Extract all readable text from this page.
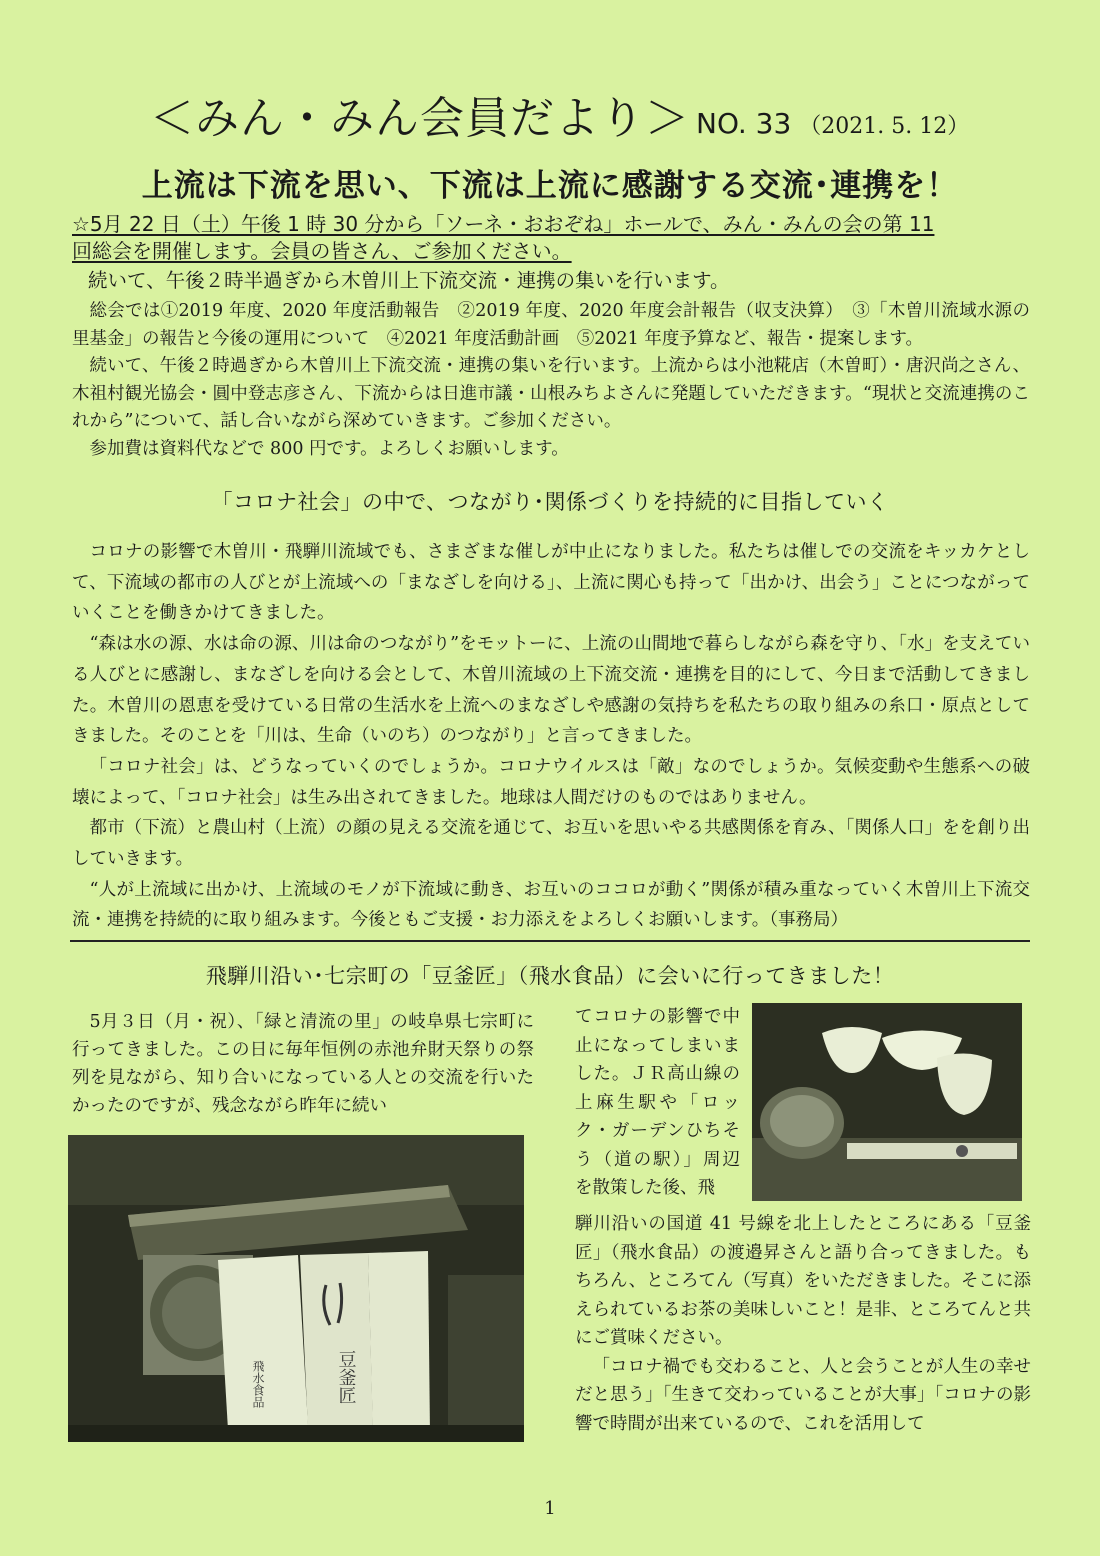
＜みん・みん会員だより＞ NO. 33 （2021. 5. 12）
上流は下流を思い、下流は上流に感謝する交流･連携を！
☆5月 22 日（土）午後 1 時 30 分から「ソーネ・おおぞね」ホールで、みん・みんの会の第 11
回総会を開催します。会員の皆さん、ご参加ください。
続いて、午後２時半過ぎから木曽川上下流交流・連携の集いを行います。

総会では①2019 年度、2020 年度活動報告　②2019 年度、2020 年度会計報告（収支決算）　③「木曽川流域水源の里基金」の報告と今後の運用について　④2021 年度活動計画　⑤2021 年度予算など、報告・提案します。

続いて、午後２時過ぎから木曽川上下流交流・連携の集いを行います。上流からは小池糀店（木曽町）・唐沢尚之さん、木祖村観光協会・圓中登志彦さん、下流からは日進市議・山根みちよさんに発題していただきます。“現状と交流連携のこれから”について、話し合いながら深めていきます。ご参加ください。

参加費は資料代などで 800 円です。よろしくお願いします。

「コロナ社会」の中で、つながり･関係づくりを持続的に目指していく

コロナの影響で木曽川・飛騨川流域でも、さまざまな催しが中止になりました。私たちは催しでの交流をキッカケとして、下流域の都市の人びとが上流域への「まなざしを向ける」、上流に関心も持って「出かけ、出会う」ことにつながっていくことを働きかけてきました。

“森は水の源、水は命の源、川は命のつながり”をモットーに、上流の山間地で暮らしながら森を守り、「水」を支えている人びとに感謝し、まなざしを向ける会として、木曽川流域の上下流交流・連携を目的にして、今日まで活動してきました。木曽川の恩恵を受けている日常の生活水を上流へのまなざしや感謝の気持ちを私たちの取り組みの糸口・原点としてきました。そのことを「川は、生命（いのち）のつながり」と言ってきました。

「コロナ社会」は、どうなっていくのでしょうか。コロナウイルスは「敵」なのでしょうか。気候変動や生態系への破壊によって、「コロナ社会」は生み出されてきました。地球は人間だけのものではありません。

都市（下流）と農山村（上流）の顔の見える交流を通じて、お互いを思いやる共感関係を育み、「関係人口」をを創り出していきます。

“人が上流域に出かけ、上流域のモノが下流域に動き、お互いのココロが動く”関係が積み重なっていく木曽川上下流交流・連携を持続的に取り組みます。今後ともご支援・お力添えをよろしくお願いします。（事務局）

飛騨川沿い･七宗町の「豆釜匠」（飛水食品）に会いに行ってきました！

5月３日（月・祝）、「緑と清流の里」の岐阜県七宗町に行ってきました。この日に毎年恒例の赤池弁財天祭りの祭列を見ながら、知り合いになっている人との交流を行いたかったのですが、残念ながら昨年に続い

豆釜匠
飛水食品

てコロナの影響で中止になってしまいました。ＪＲ高山線の上麻生駅や「ロック・ガーデンひちそう（道の駅）」周辺を散策した後、飛

騨川沿いの国道 41 号線を北上したところにある「豆釜匠」（飛水食品）の渡邉昇さんと語り合ってきました。もちろん、ところてん（写真）をいただきました。そこに添えられているお茶の美味しいこと！是非、ところてんと共にご賞味ください。

「コロナ禍でも交わること、人と会うことが人生の幸せだと思う」「生きて交わっていることが大事」「コロナの影響で時間が出来ているので、これを活用して

1
